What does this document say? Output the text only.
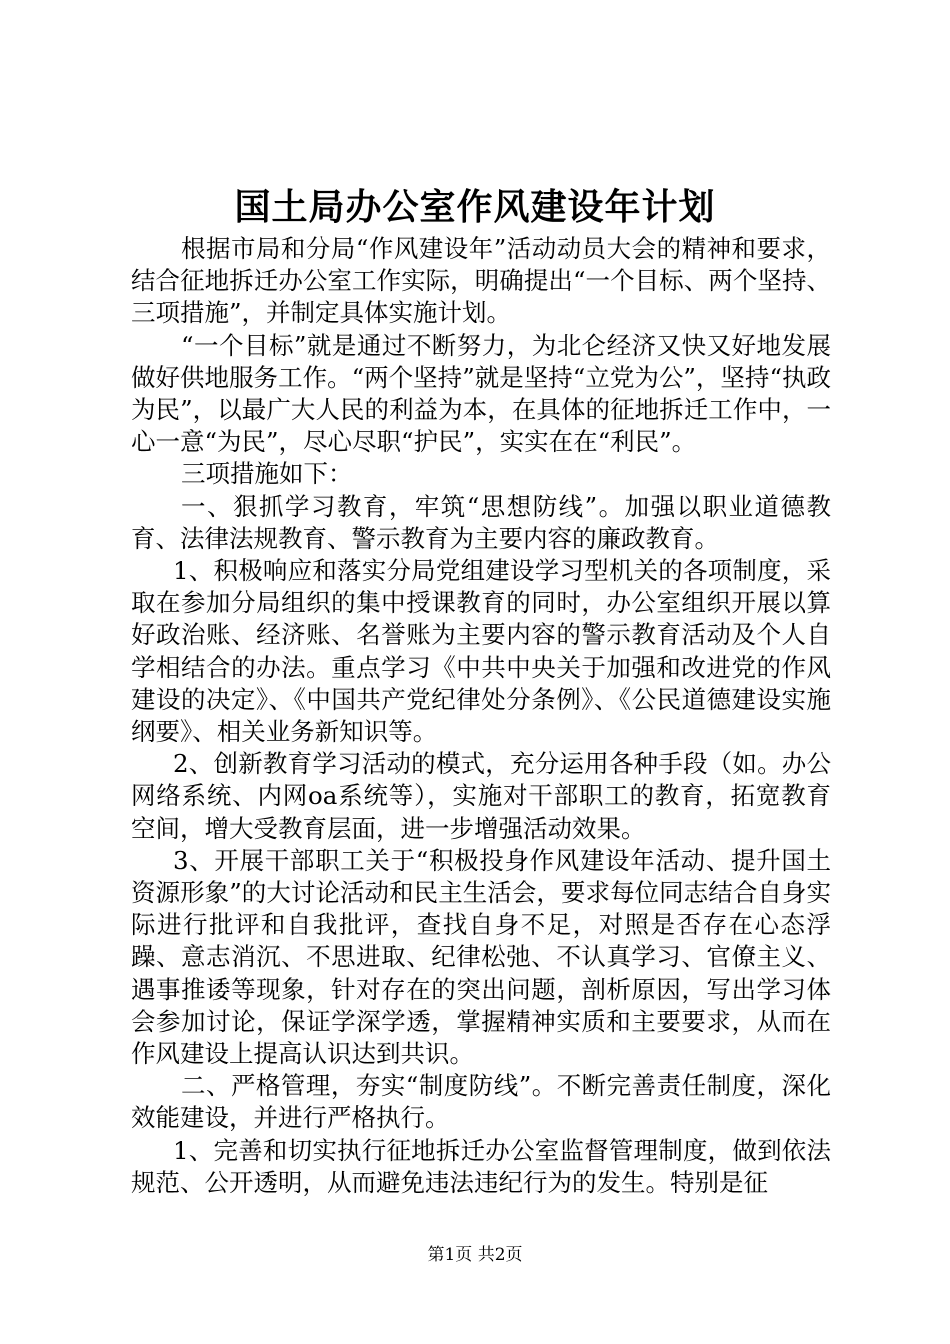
国土局办公室作风建设年计划

根据市局和分局“作风建设年”活动动员大会的精神和要求，结合征地拆迁办公室工作实际，明确提出“一个目标、两个坚持、三项措施”，并制定具体实施计划。

“一个目标”就是通过不断努力，为北仑经济又快又好地发展做好供地服务工作。“两个坚持”就是坚持“立党为公”，坚持“执政为民”，以最广大人民的利益为本，在具体的征地拆迁工作中，一心一意“为民”，尽心尽职“护民”，实实在在“利民”。

三项措施如下：

一、狠抓学习教育，牢筑“思想防线”。加强以职业道德教育、法律法规教育、警示教育为主要内容的廉政教育。

1、积极响应和落实分局党组建设学习型机关的各项制度，采取在参加分局组织的集中授课教育的同时，办公室组织开展以算好政治账、经济账、名誉账为主要内容的警示教育活动及个人自学相结合的办法。重点学习《中共中央关于加强和改进党的作风建设的决定》、《中国共产党纪律处分条例》、《公民道德建设实施纲要》、相关业务新知识等。

2、创新教育学习活动的模式，充分运用各种手段（如。办公网络系统、内网oa系统等），实施对干部职工的教育，拓宽教育空间，增大受教育层面，进一步增强活动效果。

3、开展干部职工关于“积极投身作风建设年活动、提升国土资源形象”的大讨论活动和民主生活会，要求每位同志结合自身实际进行批评和自我批评，查找自身不足，对照是否存在心态浮躁、意志消沉、不思进取、纪律松弛、不认真学习、官僚主义、遇事推诿等现象，针对存在的突出问题，剖析原因，写出学习体会参加讨论，保证学深学透，掌握精神实质和主要要求，从而在作风建设上提高认识达到共识。

二、严格管理，夯实“制度防线”。不断完善责任制度，深化效能建设，并进行严格执行。

1、完善和切实执行征地拆迁办公室监督管理制度，做到依法规范、公开透明，从而避免违法违纪行为的发生。特别是征

第1页 共2页
